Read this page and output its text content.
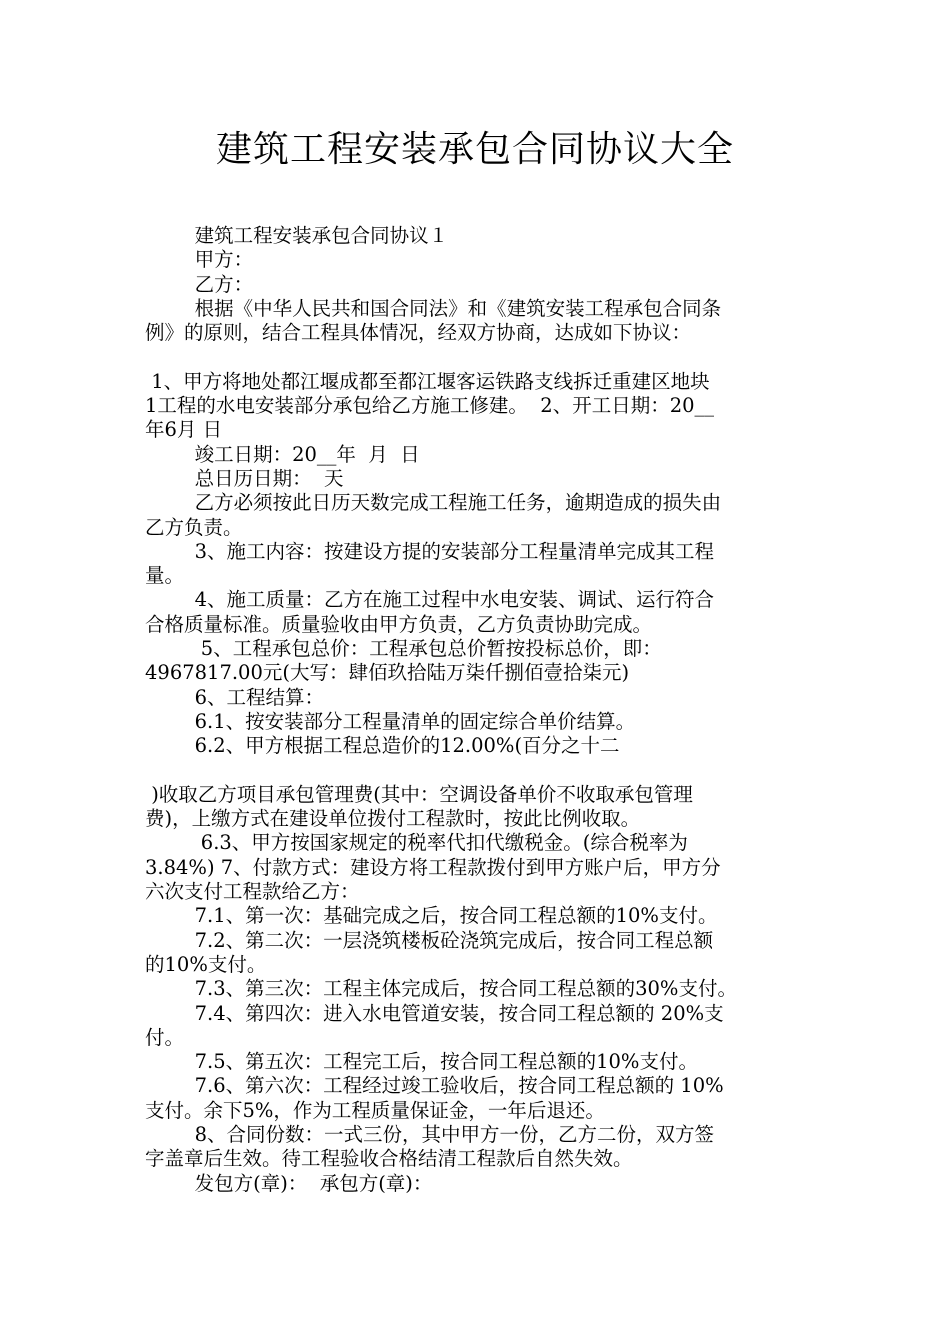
建筑工程安装承包合同协议大全
建筑工程安装承包合同协议１
甲方：
乙方：
根据《中华人民共和国合同法》和《建筑安装工程承包合同条
例》的原则，结合工程具体情况，经双方协商，达成如下协议：
1、甲方将地处都江堰成都至都江堰客运铁路支线拆迁重建区地块
1工程的水电安装部分承包给乙方施工修建。  2、开工日期：20__
年6月 日
竣工日期：20__年  月  日
总日历日期：  天
乙方必须按此日历天数完成工程施工任务，逾期造成的损失由
乙方负责。
3、施工内容：按建设方提的安装部分工程量清单完成其工程
量。
4、施工质量：乙方在施工过程中水电安装、调试、运行符合
合格质量标准。质量验收由甲方负责，乙方负责协助完成。
5、工程承包总价：工程承包总价暂按投标总价，即：
4967817.00元(大写：肆佰玖拾陆万柒仟捌佰壹拾柒元)
6、工程结算：
6.1、按安装部分工程量清单的固定综合单价结算。
6.2、甲方根据工程总造价的12.00%(百分之十二
)收取乙方项目承包管理费(其中：空调设备单价不收取承包管理
费)，上缴方式在建设单位拨付工程款时，按此比例收取。
6.3、甲方按国家规定的税率代扣代缴税金。(综合税率为
3.84%) 7、付款方式：建设方将工程款拨付到甲方账户后，甲方分
六次支付工程款给乙方：
7.1、第一次：基础完成之后，按合同工程总额的10%支付。
7.2、第二次：一层浇筑楼板砼浇筑完成后，按合同工程总额
的10%支付。
7.3、第三次：工程主体完成后，按合同工程总额的30%支付。
7.4、第四次：进入水电管道安装，按合同工程总额的 20%支
付。
7.5、第五次：工程完工后，按合同工程总额的10%支付。
7.6、第六次：工程经过竣工验收后，按合同工程总额的 10%
支付。余下5%，作为工程质量保证金，一年后退还。
8、合同份数：一式三份，其中甲方一份，乙方二份，双方签
字盖章后生效。待工程验收合格结清工程款后自然失效。
发包方(章)：  承包方(章)：
